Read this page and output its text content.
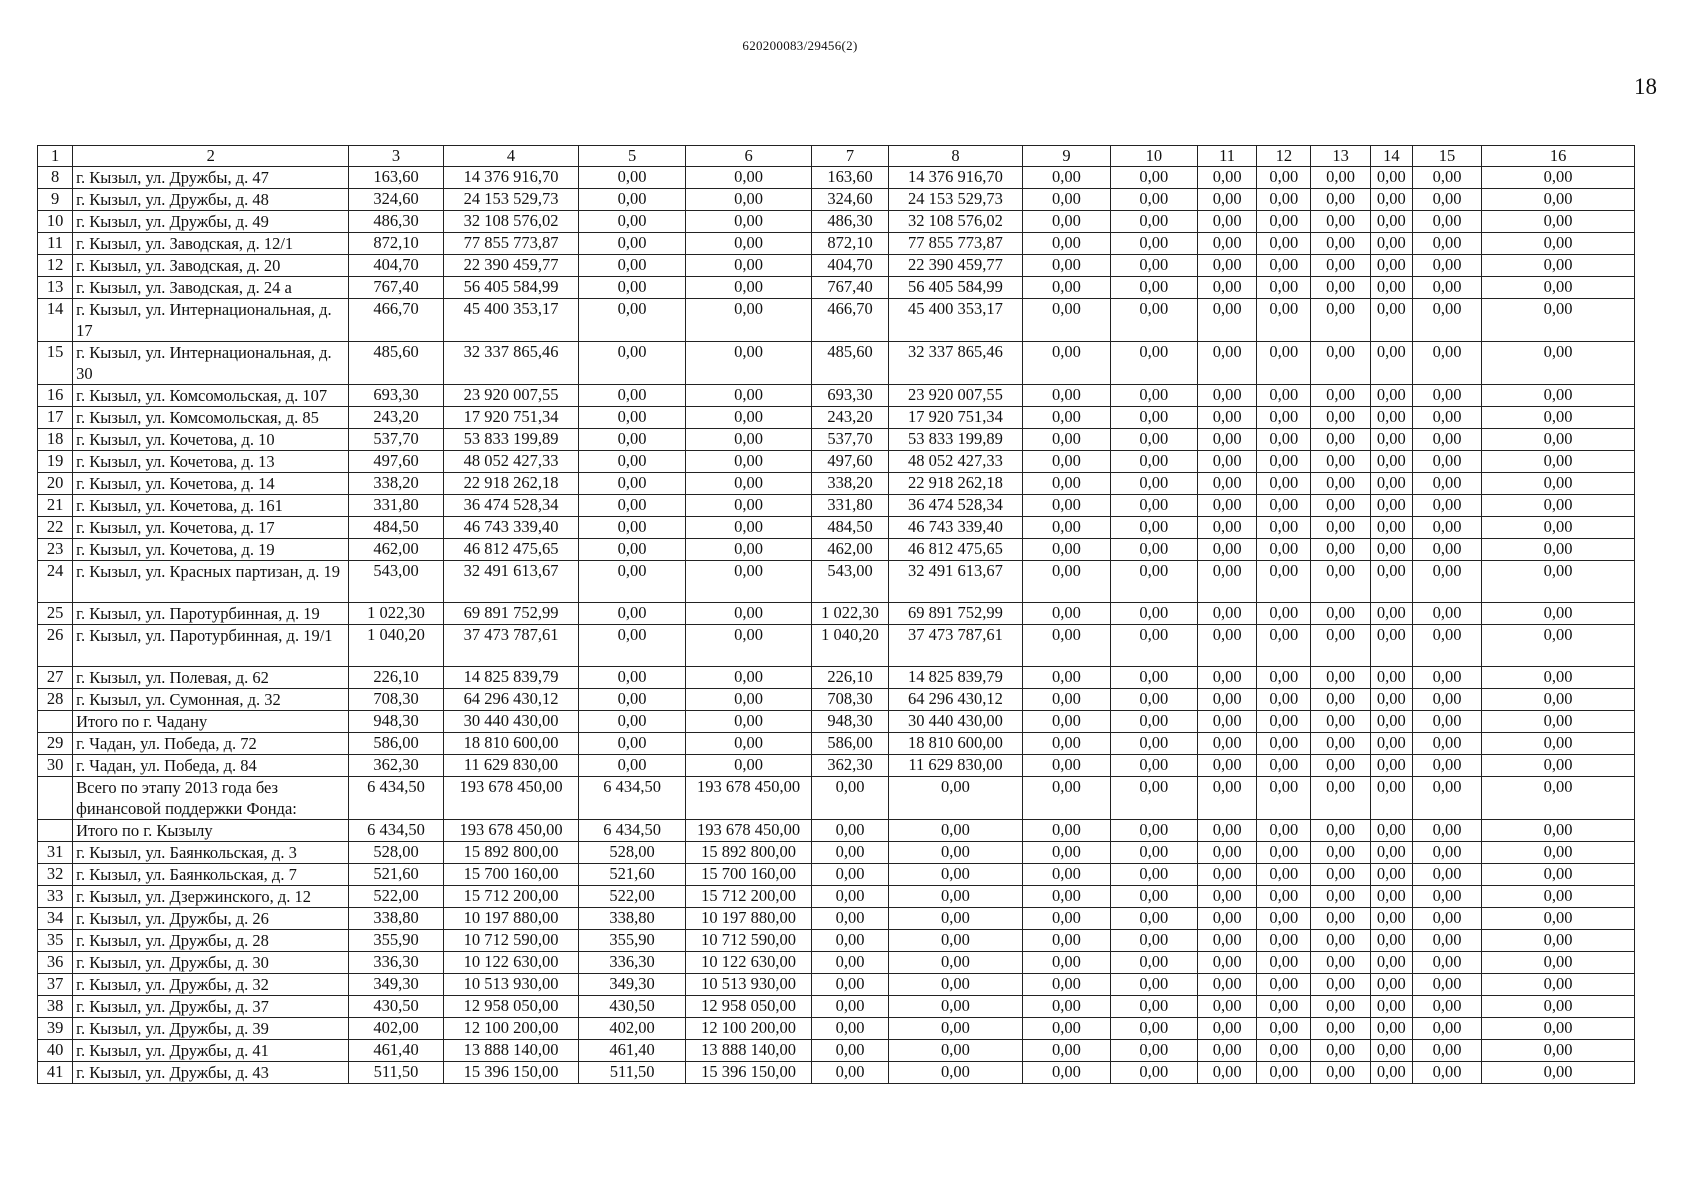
620200083/29456(2)
18
1	2	3	4	5	6	7	8	9	10	11	12	13	14	15	16
8	г. Кызыл, ул. Дружбы, д. 47	163,60	14 376 916,70	0,00	0,00	163,60	14 376 916,70	0,00	0,00	0,00	0,00	0,00	0,00	0,00	0,00
9	г. Кызыл, ул. Дружбы, д. 48	324,60	24 153 529,73	0,00	0,00	324,60	24 153 529,73	0,00	0,00	0,00	0,00	0,00	0,00	0,00	0,00
10	г. Кызыл, ул. Дружбы, д. 49	486,30	32 108 576,02	0,00	0,00	486,30	32 108 576,02	0,00	0,00	0,00	0,00	0,00	0,00	0,00	0,00
11	г. Кызыл, ул. Заводская, д. 12/1	872,10	77 855 773,87	0,00	0,00	872,10	77 855 773,87	0,00	0,00	0,00	0,00	0,00	0,00	0,00	0,00
12	г. Кызыл, ул. Заводская, д. 20	404,70	22 390 459,77	0,00	0,00	404,70	22 390 459,77	0,00	0,00	0,00	0,00	0,00	0,00	0,00	0,00
13	г. Кызыл, ул. Заводская, д. 24 а	767,40	56 405 584,99	0,00	0,00	767,40	56 405 584,99	0,00	0,00	0,00	0,00	0,00	0,00	0,00	0,00
14	г. Кызыл, ул. Интернациональная, д. 17	466,70	45 400 353,17	0,00	0,00	466,70	45 400 353,17	0,00	0,00	0,00	0,00	0,00	0,00	0,00	0,00
15	г. Кызыл, ул. Интернациональная, д. 30	485,60	32 337 865,46	0,00	0,00	485,60	32 337 865,46	0,00	0,00	0,00	0,00	0,00	0,00	0,00	0,00
16	г. Кызыл, ул. Комсомольская, д. 107	693,30	23 920 007,55	0,00	0,00	693,30	23 920 007,55	0,00	0,00	0,00	0,00	0,00	0,00	0,00	0,00
17	г. Кызыл, ул. Комсомольская, д. 85	243,20	17 920 751,34	0,00	0,00	243,20	17 920 751,34	0,00	0,00	0,00	0,00	0,00	0,00	0,00	0,00
18	г. Кызыл, ул. Кочетова, д. 10	537,70	53 833 199,89	0,00	0,00	537,70	53 833 199,89	0,00	0,00	0,00	0,00	0,00	0,00	0,00	0,00
19	г. Кызыл, ул. Кочетова, д. 13	497,60	48 052 427,33	0,00	0,00	497,60	48 052 427,33	0,00	0,00	0,00	0,00	0,00	0,00	0,00	0,00
20	г. Кызыл, ул. Кочетова, д. 14	338,20	22 918 262,18	0,00	0,00	338,20	22 918 262,18	0,00	0,00	0,00	0,00	0,00	0,00	0,00	0,00
21	г. Кызыл, ул. Кочетова, д. 161	331,80	36 474 528,34	0,00	0,00	331,80	36 474 528,34	0,00	0,00	0,00	0,00	0,00	0,00	0,00	0,00
22	г. Кызыл, ул. Кочетова, д. 17	484,50	46 743 339,40	0,00	0,00	484,50	46 743 339,40	0,00	0,00	0,00	0,00	0,00	0,00	0,00	0,00
23	г. Кызыл, ул. Кочетова, д. 19	462,00	46 812 475,65	0,00	0,00	462,00	46 812 475,65	0,00	0,00	0,00	0,00	0,00	0,00	0,00	0,00
24	г. Кызыл, ул. Красных партизан, д. 19	543,00	32 491 613,67	0,00	0,00	543,00	32 491 613,67	0,00	0,00	0,00	0,00	0,00	0,00	0,00	0,00
25	г. Кызыл, ул. Паротурбинная, д. 19	1 022,30	69 891 752,99	0,00	0,00	1 022,30	69 891 752,99	0,00	0,00	0,00	0,00	0,00	0,00	0,00	0,00
26	г. Кызыл, ул. Паротурбинная, д. 19/1	1 040,20	37 473 787,61	0,00	0,00	1 040,20	37 473 787,61	0,00	0,00	0,00	0,00	0,00	0,00	0,00	0,00
27	г. Кызыл, ул. Полевая, д. 62	226,10	14 825 839,79	0,00	0,00	226,10	14 825 839,79	0,00	0,00	0,00	0,00	0,00	0,00	0,00	0,00
28	г. Кызыл, ул. Сумонная, д. 32	708,30	64 296 430,12	0,00	0,00	708,30	64 296 430,12	0,00	0,00	0,00	0,00	0,00	0,00	0,00	0,00
	Итого по г. Чадану	948,30	30 440 430,00	0,00	0,00	948,30	30 440 430,00	0,00	0,00	0,00	0,00	0,00	0,00	0,00	0,00
29	г. Чадан, ул. Победа, д. 72	586,00	18 810 600,00	0,00	0,00	586,00	18 810 600,00	0,00	0,00	0,00	0,00	0,00	0,00	0,00	0,00
30	г. Чадан, ул. Победа, д. 84	362,30	11 629 830,00	0,00	0,00	362,30	11 629 830,00	0,00	0,00	0,00	0,00	0,00	0,00	0,00	0,00
	Всего по этапу 2013 года без финансовой поддержки Фонда:	6 434,50	193 678 450,00	6 434,50	193 678 450,00	0,00	0,00	0,00	0,00	0,00	0,00	0,00	0,00	0,00	0,00
	Итого по г. Кызылу	6 434,50	193 678 450,00	6 434,50	193 678 450,00	0,00	0,00	0,00	0,00	0,00	0,00	0,00	0,00	0,00	0,00
31	г. Кызыл, ул. Баянкольская, д. 3	528,00	15 892 800,00	528,00	15 892 800,00	0,00	0,00	0,00	0,00	0,00	0,00	0,00	0,00	0,00	0,00
32	г. Кызыл, ул. Баянкольская, д. 7	521,60	15 700 160,00	521,60	15 700 160,00	0,00	0,00	0,00	0,00	0,00	0,00	0,00	0,00	0,00	0,00
33	г. Кызыл, ул. Дзержинского, д. 12	522,00	15 712 200,00	522,00	15 712 200,00	0,00	0,00	0,00	0,00	0,00	0,00	0,00	0,00	0,00	0,00
34	г. Кызыл, ул. Дружбы, д. 26	338,80	10 197 880,00	338,80	10 197 880,00	0,00	0,00	0,00	0,00	0,00	0,00	0,00	0,00	0,00	0,00
35	г. Кызыл, ул. Дружбы, д. 28	355,90	10 712 590,00	355,90	10 712 590,00	0,00	0,00	0,00	0,00	0,00	0,00	0,00	0,00	0,00	0,00
36	г. Кызыл, ул. Дружбы, д. 30	336,30	10 122 630,00	336,30	10 122 630,00	0,00	0,00	0,00	0,00	0,00	0,00	0,00	0,00	0,00	0,00
37	г. Кызыл, ул. Дружбы, д. 32	349,30	10 513 930,00	349,30	10 513 930,00	0,00	0,00	0,00	0,00	0,00	0,00	0,00	0,00	0,00	0,00
38	г. Кызыл, ул. Дружбы, д. 37	430,50	12 958 050,00	430,50	12 958 050,00	0,00	0,00	0,00	0,00	0,00	0,00	0,00	0,00	0,00	0,00
39	г. Кызыл, ул. Дружбы, д. 39	402,00	12 100 200,00	402,00	12 100 200,00	0,00	0,00	0,00	0,00	0,00	0,00	0,00	0,00	0,00	0,00
40	г. Кызыл, ул. Дружбы, д. 41	461,40	13 888 140,00	461,40	13 888 140,00	0,00	0,00	0,00	0,00	0,00	0,00	0,00	0,00	0,00	0,00
41	г. Кызыл, ул. Дружбы, д. 43	511,50	15 396 150,00	511,50	15 396 150,00	0,00	0,00	0,00	0,00	0,00	0,00	0,00	0,00	0,00	0,00
